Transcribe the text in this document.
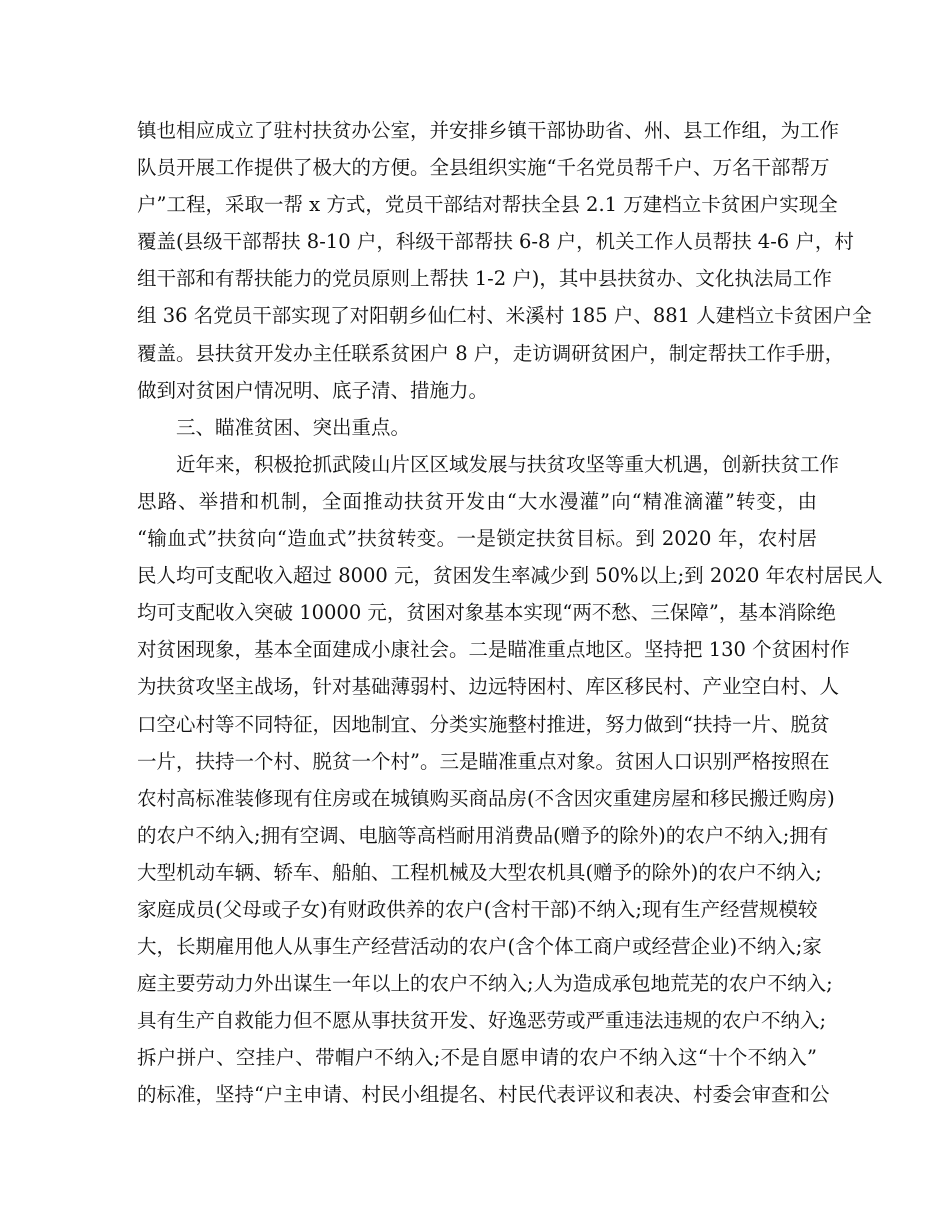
镇也相应成立了驻村扶贫办公室，并安排乡镇干部协助省、州、县工作组，为工作
队员开展工作提供了极大的方便。全县组织实施“千名党员帮千户、万名干部帮万
户”工程，采取一帮 x 方式，党员干部结对帮扶全县 2.1 万建档立卡贫困户实现全
覆盖(县级干部帮扶 8-10 户，科级干部帮扶 6-8 户，机关工作人员帮扶 4-6 户，村
组干部和有帮扶能力的党员原则上帮扶 1-2 户)，其中县扶贫办、文化执法局工作
组 36 名党员干部实现了对阳朝乡仙仁村、米溪村 185 户、881 人建档立卡贫困户全
覆盖。县扶贫开发办主任联系贫困户 8 户，走访调研贫困户，制定帮扶工作手册，
做到对贫困户情况明、底子清、措施力。
三、瞄准贫困、突出重点。
近年来，积极抢抓武陵山片区区域发展与扶贫攻坚等重大机遇，创新扶贫工作
思路、举措和机制，全面推动扶贫开发由“大水漫灌”向“精准滴灌”转变，由
“输血式”扶贫向“造血式”扶贫转变。一是锁定扶贫目标。到 2020 年，农村居
民人均可支配收入超过 8000 元，贫困发生率减少到 50%以上;到 2020 年农村居民人
均可支配收入突破 10000 元，贫困对象基本实现“两不愁、三保障”，基本消除绝
对贫困现象，基本全面建成小康社会。二是瞄准重点地区。坚持把 130 个贫困村作
为扶贫攻坚主战场，针对基础薄弱村、边远特困村、库区移民村、产业空白村、人
口空心村等不同特征，因地制宜、分类实施整村推进，努力做到“扶持一片、脱贫
一片，扶持一个村、脱贫一个村”。三是瞄准重点对象。贫困人口识别严格按照在
农村高标准装修现有住房或在城镇购买商品房(不含因灾重建房屋和移民搬迁购房)
的农户不纳入;拥有空调、电脑等高档耐用消费品(赠予的除外)的农户不纳入;拥有
大型机动车辆、轿车、船舶、工程机械及大型农机具(赠予的除外)的农户不纳入;
家庭成员(父母或子女)有财政供养的农户(含村干部)不纳入;现有生产经营规模较
大，长期雇用他人从事生产经营活动的农户(含个体工商户或经营企业)不纳入;家
庭主要劳动力外出谋生一年以上的农户不纳入;人为造成承包地荒芜的农户不纳入;
具有生产自救能力但不愿从事扶贫开发、好逸恶劳或严重违法违规的农户不纳入;
拆户拼户、空挂户、带帽户不纳入;不是自愿申请的农户不纳入这“十个不纳入”
的标准，坚持“户主申请、村民小组提名、村民代表评议和表决、村委会审查和公
